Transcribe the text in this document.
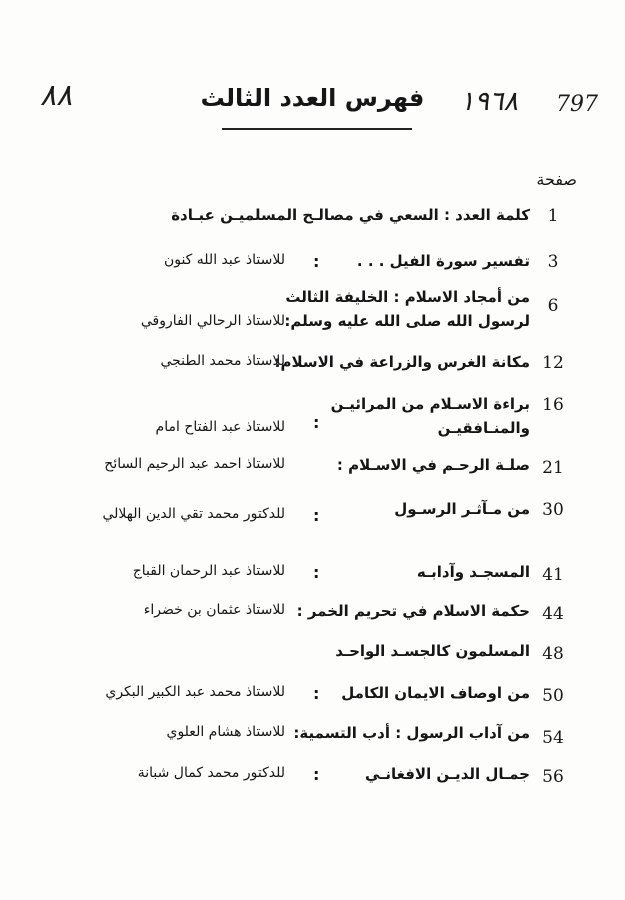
٨٨	١٩٦٨ 797
فهرس العدد الثالث
صفحة
1
كلمة العدد : السعي في مصالـح المسلميـن عبـادة
3
تفسير سورة الفيل . . .
:
للاستاذ عبد الله كنون
6
من أمجاد الاسلام : الخليفة الثالث
لرسول الله صلى الله عليه وسلم:
للاستاذ الرحالي الفاروقي
12
مكانة الغرس والزراعة في الاسلام:
للاستاذ محمد الطنجي
16
براءة الاسـلام من المرائيـن
والمنـافقيـن
:
للاستاذ عبد الفتاح امام
21
صلـة الرحـم في الاسـلام :
للاستاذ احمد عبد الرحيم السائح
30
من مـآثـر الرسـول
:
للدكتور محمد تقي الدين الهلالي
41
المسجـد وآدابـه
:
للاستاذ عبد الرحمان القباج
44
حكمة الاسلام في تحريم الخمر :
للاستاذ عثمان بن خضراء
48
المسلمون كالجسـد الواحـد
50
من اوصاف الايمان الكامل
:
للاستاذ محمد عبد الكبير البكري
54
من آداب الرسول : أدب التسمية:
للاستاذ هشام العلوي
56
جمـال الديـن الافغانـي
:
للدكتور محمد كمال شبانة
